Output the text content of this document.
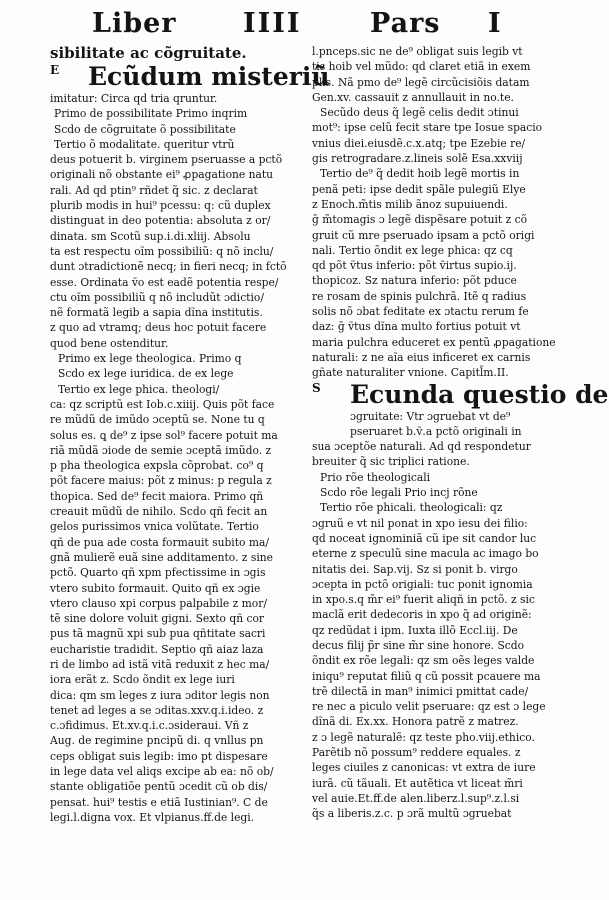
Liber IIII	Pars I
sibilitate ac cõgruitate.
E Ecũdum misteriũ
imitatur: Circa qd tria qruntur.
Primo de possibilitate Primo inqrim
Scdo de cõgruitate õ possibilitate
Tertio õ modalitate. queritur vtrũ
deus potuerit b. virginem pseruasse a pctõ
originali nõ obstante ei⁹ ꝓpagatione natu
rali. Ad qd ptin⁹ rñdet q̃ sic. z declarat
plurib modis in hui⁹ pcessu: q: cũ duplex
distinguat in deo potentia: absoluta z or/
dinata. sm Scotũ sup.i.di.xliij. Absolu
ta est respectu oĩm possibiliũ: q nõ inclu/
dunt ɔtradictionẽ necq; in fieri necq; in fctõ
esse. Ordinata ṽo est eadẽ potentia respe/
ctu oĩm possibiliũ q nõ includũt ɔdictio/
nẽ formatã legib a sapia dĩna institutis.
z quo ad vtramq; deus hoc potuit facere
quod bene ostenditur.
Primo ex lege theologica. Primo q
Scdo ex lege iuridica. de ex lege
Tertio ex lege phica. theologi/
ca: qz scriptũ est Iob.c.xiiij. Quis põt face
re mũdũ de imũdo ɔceptũ se. None tu q
solus es. ꝗ de⁹ z ipse sol⁹ facere potuit ma
riã mũdã ɔiode de semie ɔceptã imũdo. z
p pha theologica expsla cõprobat. co⁹ q
põt facere maius: põt z minus: p regula z
thopica. Sed de⁹ fecit maiora. Primo qñ
creauit mũdũ de nihilo. Scdo qñ fecit an
gelos purissimos vnica volũtate. Tertio
qñ de pua ade costa formauit subito ma/
gnã mulierẽ euã sine additamento. z sine
pctõ. Quarto qñ xpm pfectissime in ɔgis
vtero subito formauit. Quito qñ ex ɔgie
vtero clauso xpi corpus palpabile z mor/
tẽ sine dolore voluit gigni. Sexto qñ cor
pus tã magnũ xpi sub pua qñtitate sacri
eucharistie tradidit. Septio qñ aiaz laza
ri de limbo ad istã vitã reduxit z hec ma/
iora erãt z. Scdo õndit ex lege iuri
dica: qm sm leges z iura ɔditor legis non
tenet ad leges a se ɔditas.xxv.q.i.ideo. z
c.ɔfidimus. Et.xv.q.i.c.ɔsideraui. Vñ z
Aug. de regimine pncipũ di. q vnllus pn
ceps obligat suis legib: imo pt dispesare
in lege data vel aliqs excipe ab ea: nõ ob/
stante obligatiõe pentũ ɔcedit cũ ob dis/
pensat. hui⁹ testis e etiã Iustinian⁹. C de
legi.l.digna vox. Et vlpianus.ff.de legi.
l.pnceps.sic ne de⁹ obligat suis legib vt
tis hoib vel mũdo: qd claret etiã in exem
plis. Nã pmo de⁹ legẽ circũcisiõis datam
Gen.xv. cassauit z annullauit in no.te.
Secũdo deus q̃ legẽ celis dedit ɔtinui
mot⁹: ipse celũ fecit stare tpe Iosue spacio
vnius diei.eiusdẽ.c.x.atq; tpe Ezebie re/
gis retrogradare.z.lineis solẽ Esa.xxviij
Tertio de⁹ q̃ dedit hoib legẽ mortis in
penã peti: ipse dedit spãle pulegiũ Elye
z Enoch.m̃tis milib ãnoz supuiuendi.
ḡ m̃tomagis ɔ legẽ dispẽsare potuit z cõ
gruit cũ mre pseruado ipsam a pctõ origi
nali. Tertio õndit ex lege phica: qz cq
qd põt ṽtus inferio: põt ṽirtus supio.ij.
thopicoz. Sz natura inferio: põt pduce
re rosam de spinis pulchrã. Itẽ q radius
solis nõ ɔbat feditate ex ɔtactu rerum fe
daz: ḡ ṽtus dĩna multo fortius potuit vt
maria pulchra educeret ex pentũ ꝓpagatione
naturali: z ne aĩa eius inficeret ex carnis
gñate naturaliter vnione. Capitl̃m.II.
S Ecunda questio de
ɔgruitate: Vtr ɔgruebat vt de⁹
pseruaret b.ṽ.a pctõ originali in
sua ɔceptõe naturali. Ad qd respondetur
breuiter q̃ sic triplici ratione.
Prio rõe theologicali
Scdo rõe legali Prio incj rõne
Tertio rõe phicali. theologicali: qz
ɔgruũ e vt nil ponat in xpo iesu dei filio:
qd noceat ignominiã cũ ipe sit candor luc
eterne z speculũ sine macula ac imago bo
nitatis dei. Sap.vij. Sz si ponit b. virgo
ɔcepta in pctõ origiali: tuc ponit ignomia
in xpo.s.q m̃r ei⁹ fuerit aliqñ in pctõ. z sic
maclã erit dedecoris in xpo q̃ ad originẽ:
qz redũdat i ipm. Iuxta illõ Eccl.iij. De
decus filij p̃r sine m̃r sine honore. Scdo
õndit ex rõe legali: qz sm oẽs leges valde
iniqu⁹ reputat filiũ q cũ possit pcauere ma
trẽ dilectã in man⁹ inimici pmittat cade/
re nec a piculo velit pseruare: qz est ɔ lege
dĩnã di. Ex.xx. Honora patrẽ z matrez.
z ɔ legẽ naturalẽ: qz teste pho.viij.ethico.
Parẽtib nõ possum⁹ reddere equales. z
leges ciuiles z canonicas: vt extra de iure
iurã. cũ tãuali. Et autẽtica vt liceat m̃ri
vel auie.Et.ff.de alen.liberz.l.sup⁹.z.l.si
q̃s a liberis.z.c. p ɔrã multũ ɔgruebat
